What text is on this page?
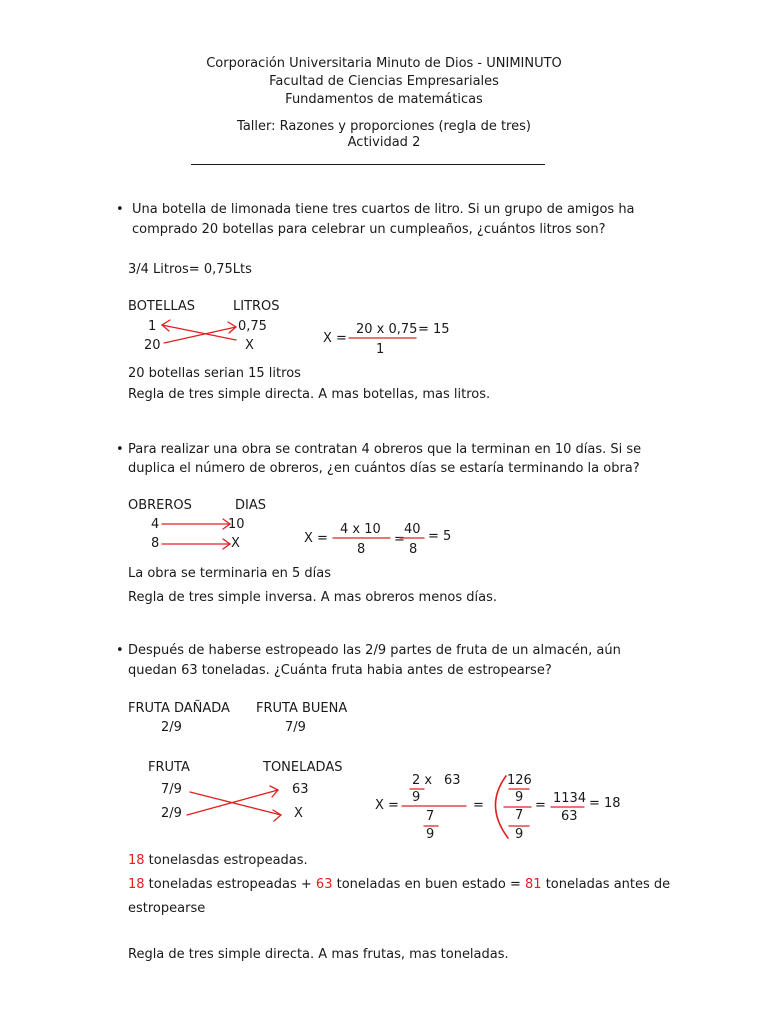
Corporación Universitaria Minuto de Dios - UNIMINUTO
Facultad de Ciencias Empresariales
Fundamentos de matemáticas
Taller: Razones y proporciones (regla de tres)
Actividad 2
• Una botella de limonada tiene tres cuartos de litro. Si un grupo de amigos ha
comprado 20 botellas para celebrar un cumpleaños, ¿cuántos litros son?
3/4 Litros= 0,75Lts
BOTELLAS	LITROS
1	0,75
20	X	X =
20 x 0,75
1
= 15
20 botellas serian 15 litros
Regla de tres simple directa. A mas botellas, mas litros.
• Para realizar una obra se contratan 4 obreros que la terminan en 10 días. Si se
duplica el número de obreros, ¿en cuántos días se estaría terminando la obra?
OBREROS	DIAS
4	10
8	X	X =
4 x 10
8
=
40
8
= 5
La obra se terminaria en 5 días
Regla de tres simple inversa. A mas obreros menos días.
• Después de haberse estropeado las 2/9 partes de fruta de un almacén, aún
quedan 63 toneladas. ¿Cuánta fruta habia antes de estropearse?
FRUTA DAÑADA FRUTA BUENA
2/9	7/9
FRUTA	TONELADAS
7/9	63
2/9	X
X =
2 x 63
9
7
9
=
126
9
7
9
= 1134
63
= 18
18 tonelasdas estropeadas.
18 toneladas estropeadas + 63 toneladas en buen estado = 81 toneladas antes de
estropearse
Regla de tres simple directa. A mas frutas, mas toneladas.
